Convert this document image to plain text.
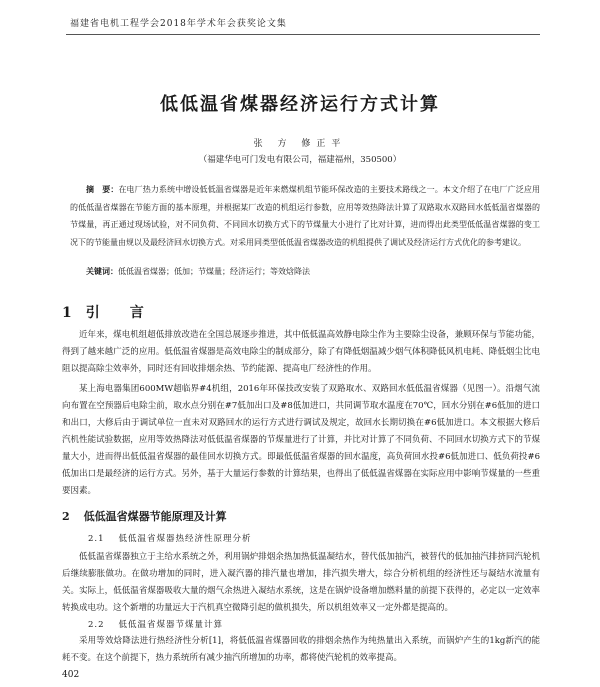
福建省电机工程学会2018年学术年会获奖论文集
低低温省煤器经济运行方式计算
张 方 修正平
（福建华电可门发电有限公司，福建福州，350500）
摘　要：在电厂热力系统中增设低低温省煤器是近年来燃煤机组节能环保改造的主要技术路线之一。本文介绍了在电厂广泛应用的低低温省煤器在节能方面的基本原理，并根据某厂改造的机组运行参数，应用等效热降法计算了双路取水双路回水低低温省煤器的节煤量，再正通过现场试验，对不同负荷、不同回水切换方式下的节煤量大小进行了比对计算，进而得出此类型低低温省煤器的变工况下的节能量由规以及最经济回水切换方式。对采用同类型低低温省煤器改造的机组提供了调试及经济运行方式优化的参考建议。
关键词：低低温省煤器；低加；节煤量；经济运行；等效焓降法
1 引　言
近年来，煤电机组超低排放改造在全国总展逐步推进，其中低低温高效静电除尘作为主要除尘设备，兼顾环保与节能功能，得到了越来越广泛的应用。低低温省煤器是高效电除尘的制成部分，除了有降低烟温减少烟气体积降低风机电耗、降低烟尘比电阻以提高除尘效率外，同时还有回收排烟余热、节约能源、提高电厂经济性的作用。
某上海电器集团600MW超临界#4机组，2016年环保技改安装了双路取水、双路回水低低温省煤器（见图一）。沿烟气流向布置在空预器后电除尘前，取水点分别在#7低加出口及#8低加进口，共同调节取水温度在70℃，回水分别在#6低加的进口和出口，大修后由于调试单位一直未对双路回水的运行方式进行调试及规定，故回水长期切换在#6低加进口。本文根据大修后汽机性能试验数据，应用等效热降法对低低温省煤器的节煤量进行了计算，并比对计算了不同负荷、不同回水切换方式下的节煤量大小，进而得出低低温省煤器的最佳回水切换方式。即最低低温省煤器的回水温度，高负荷回水投#6低加进口、低负荷投#6低加出口是最经济的运行方式。另外，基于大量运行参数的计算结果，也得出了低低温省煤器在实际应用中影响节煤量的一些重要因素。
2 低低温省煤器节能原理及计算
2.1 低低温省煤器热经济性原理分析
低低温省煤器独立于主给水系统之外，利用锅炉排烟余热加热低温凝结水，替代低加抽汽，被替代的低加抽汽排挤同汽轮机后继续膨胀做功。在做功增加的同时，进入凝汽器的排汽量也增加，排汽损失增大，综合分析机组的经济性还与凝结水流量有关。实际上，低低温省煤器吸收大量的烟气余热进入凝结水系统，这是在锅炉设备增加燃料量的前提下获得的，必定以一定效率转换成电功。这个新增的功量远大于汽机真空微降引起的做机损失，所以机组效率又一定外都是提高的。
2.2 低低温省煤器节煤量计算
采用等效焓降法进行热经济性分析[1]，将低低温省煤器回收的排烟余热作为纯热量出入系统，而锅炉产生的1kg新汽的能耗不变。在这个前提下，热力系统所有减少抽汽所增加的功率，都将使汽轮机的效率提高。
402
